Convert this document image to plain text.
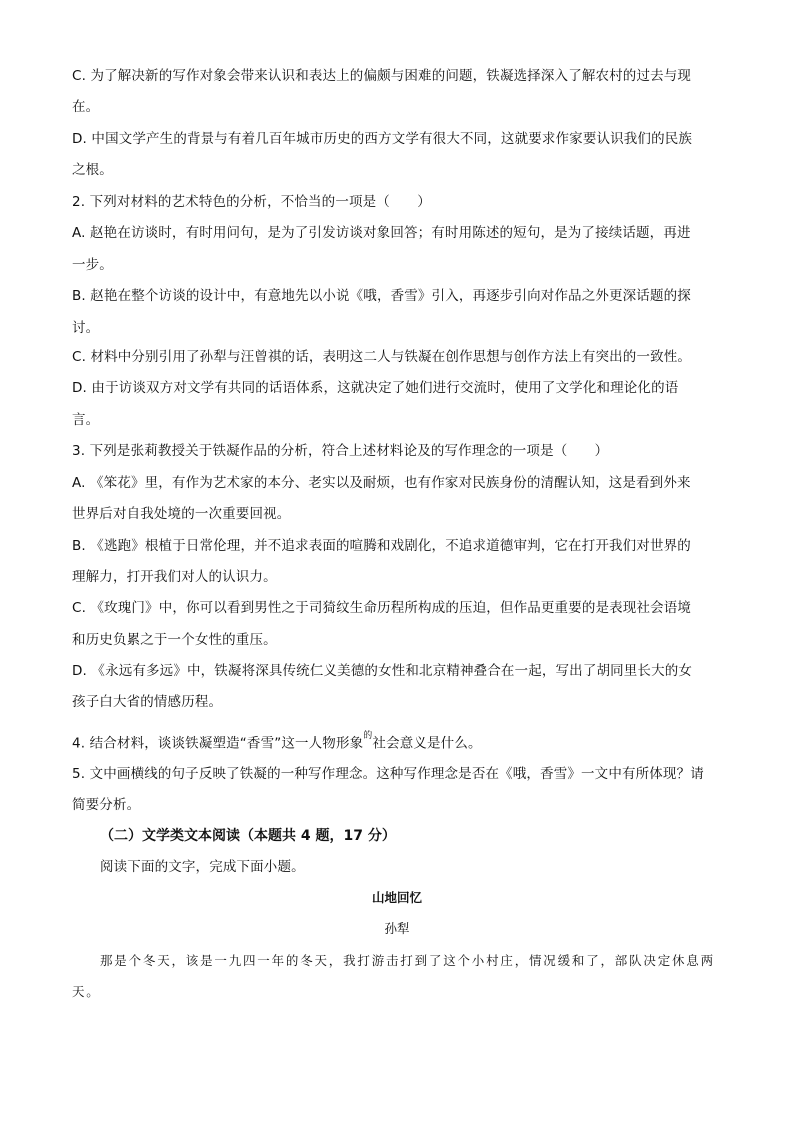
C. 为了解决新的写作对象会带来认识和表达上的偏颇与困难的问题，铁凝选择深入了解农村的过去与现
在。
D. 中国文学产生的背景与有着几百年城市历史的西方文学有很大不同，这就要求作家要认识我们的民族
之根。
2. 下列对材料的艺术特色的分析，不恰当的一项是（　　）
A. 赵艳在访谈时，有时用问句，是为了引发访谈对象回答；有时用陈述的短句，是为了接续话题，再进
一步。
B. 赵艳在整个访谈的设计中，有意地先以小说《哦，香雪》引入，再逐步引向对作品之外更深话题的探
讨。
C. 材料中分别引用了孙犁与汪曾祺的话，表明这二人与铁凝在创作思想与创作方法上有突出的一致性。
D. 由于访谈双方对文学有共同的话语体系，这就决定了她们进行交流时，使用了文学化和理论化的语
言。
3. 下列是张莉教授关于铁凝作品的分析，符合上述材料论及的写作理念的一项是（　　）
A. 《笨花》里，有作为艺术家的本分、老实以及耐烦，也有作家对民族身份的清醒认知，这是看到外来
世界后对自我处境的一次重要回视。
B. 《逃跑》根植于日常伦理，并不追求表面的喧腾和戏剧化，不追求道德审判，它在打开我们对世界的
理解力，打开我们对人的认识力。
C. 《玫瑰门》中，你可以看到男性之于司猗纹生命历程所构成的压迫，但作品更重要的是表现社会语境
和历史负累之于一个女性的重压。
D. 《永远有多远》中，铁凝将深具传统仁义美德的女性和北京精神叠合在一起，写出了胡同里长大的女
孩子白大省的情感历程。
4. 结合材料，谈谈铁凝塑造“香雪”这一人物形象$^的$社会意义是什么。
5. 文中画横线的句子反映了铁凝的一种写作理念。这种写作理念是否在《哦，香雪》一文中有所体现？请
简要分析。
（二）文学类文本阅读（本题共 4 题，17 分）
阅读下面的文字，完成下面小题。
山地回忆
孙犁
那是个冬天，该是一九四一年的冬天，我打游击打到了这个小村庄，情况缓和了，部队决定休息两
天。
